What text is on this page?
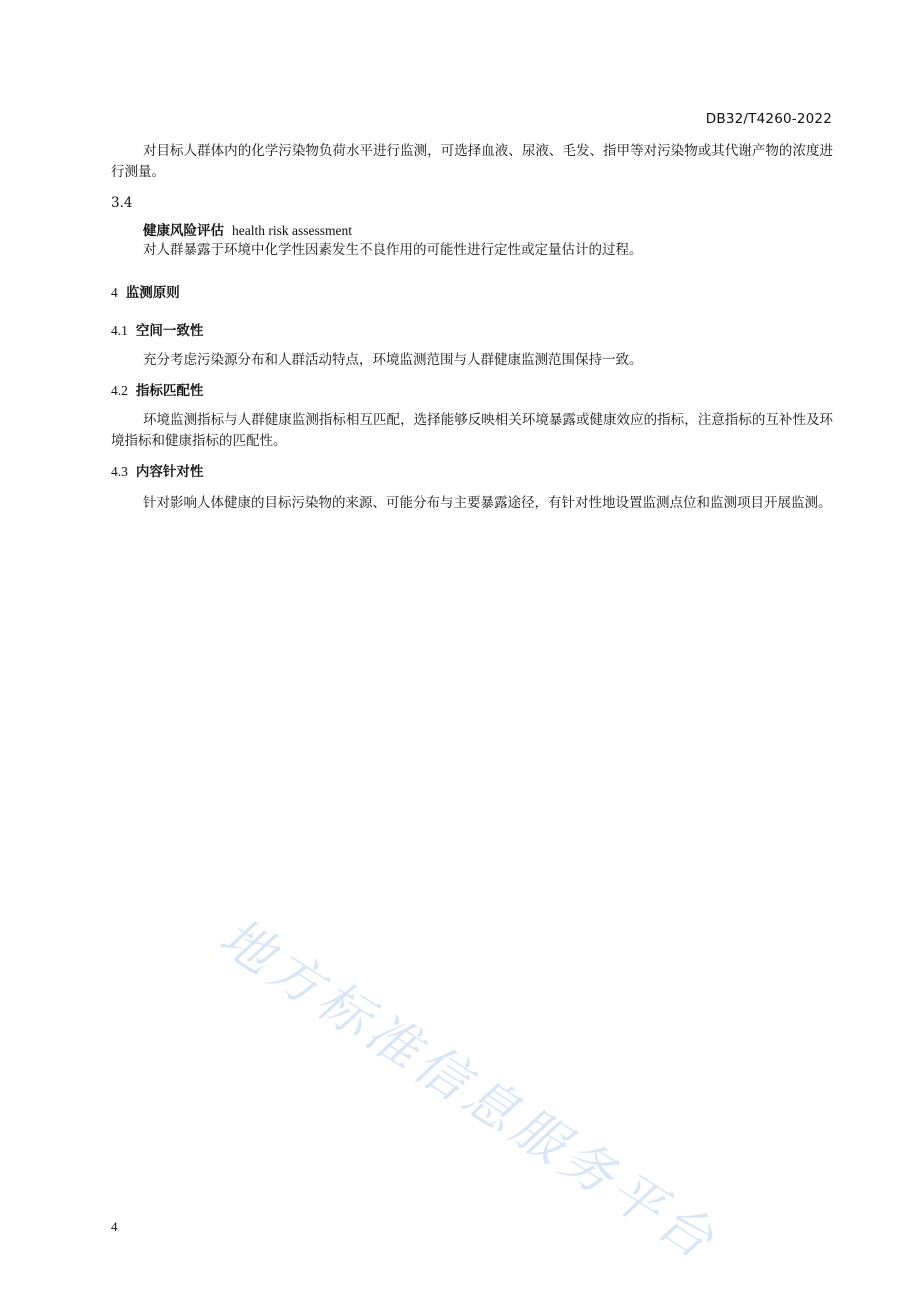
DB32/T4260-2022
对目标人群体内的化学污染物负荷水平进行监测，可选择血液、尿液、毛发、指甲等对污染物或其代谢产物的浓度进行测量。
3.4
健康风险评估 health risk assessment
对人群暴露于环境中化学性因素发生不良作用的可能性进行定性或定量估计的过程。
4 监测原则
4.1 空间一致性
充分考虑污染源分布和人群活动特点，环境监测范围与人群健康监测范围保持一致。
4.2 指标匹配性
环境监测指标与人群健康监测指标相互匹配，选择能够反映相关环境暴露或健康效应的指标，注意指标的互补性及环境指标和健康指标的匹配性。
4.3 内容针对性
针对影响人体健康的目标污染物的来源、可能分布与主要暴露途径，有针对性地设置监测点位和监测项目开展监测。
地方标准信息服务平台
4
